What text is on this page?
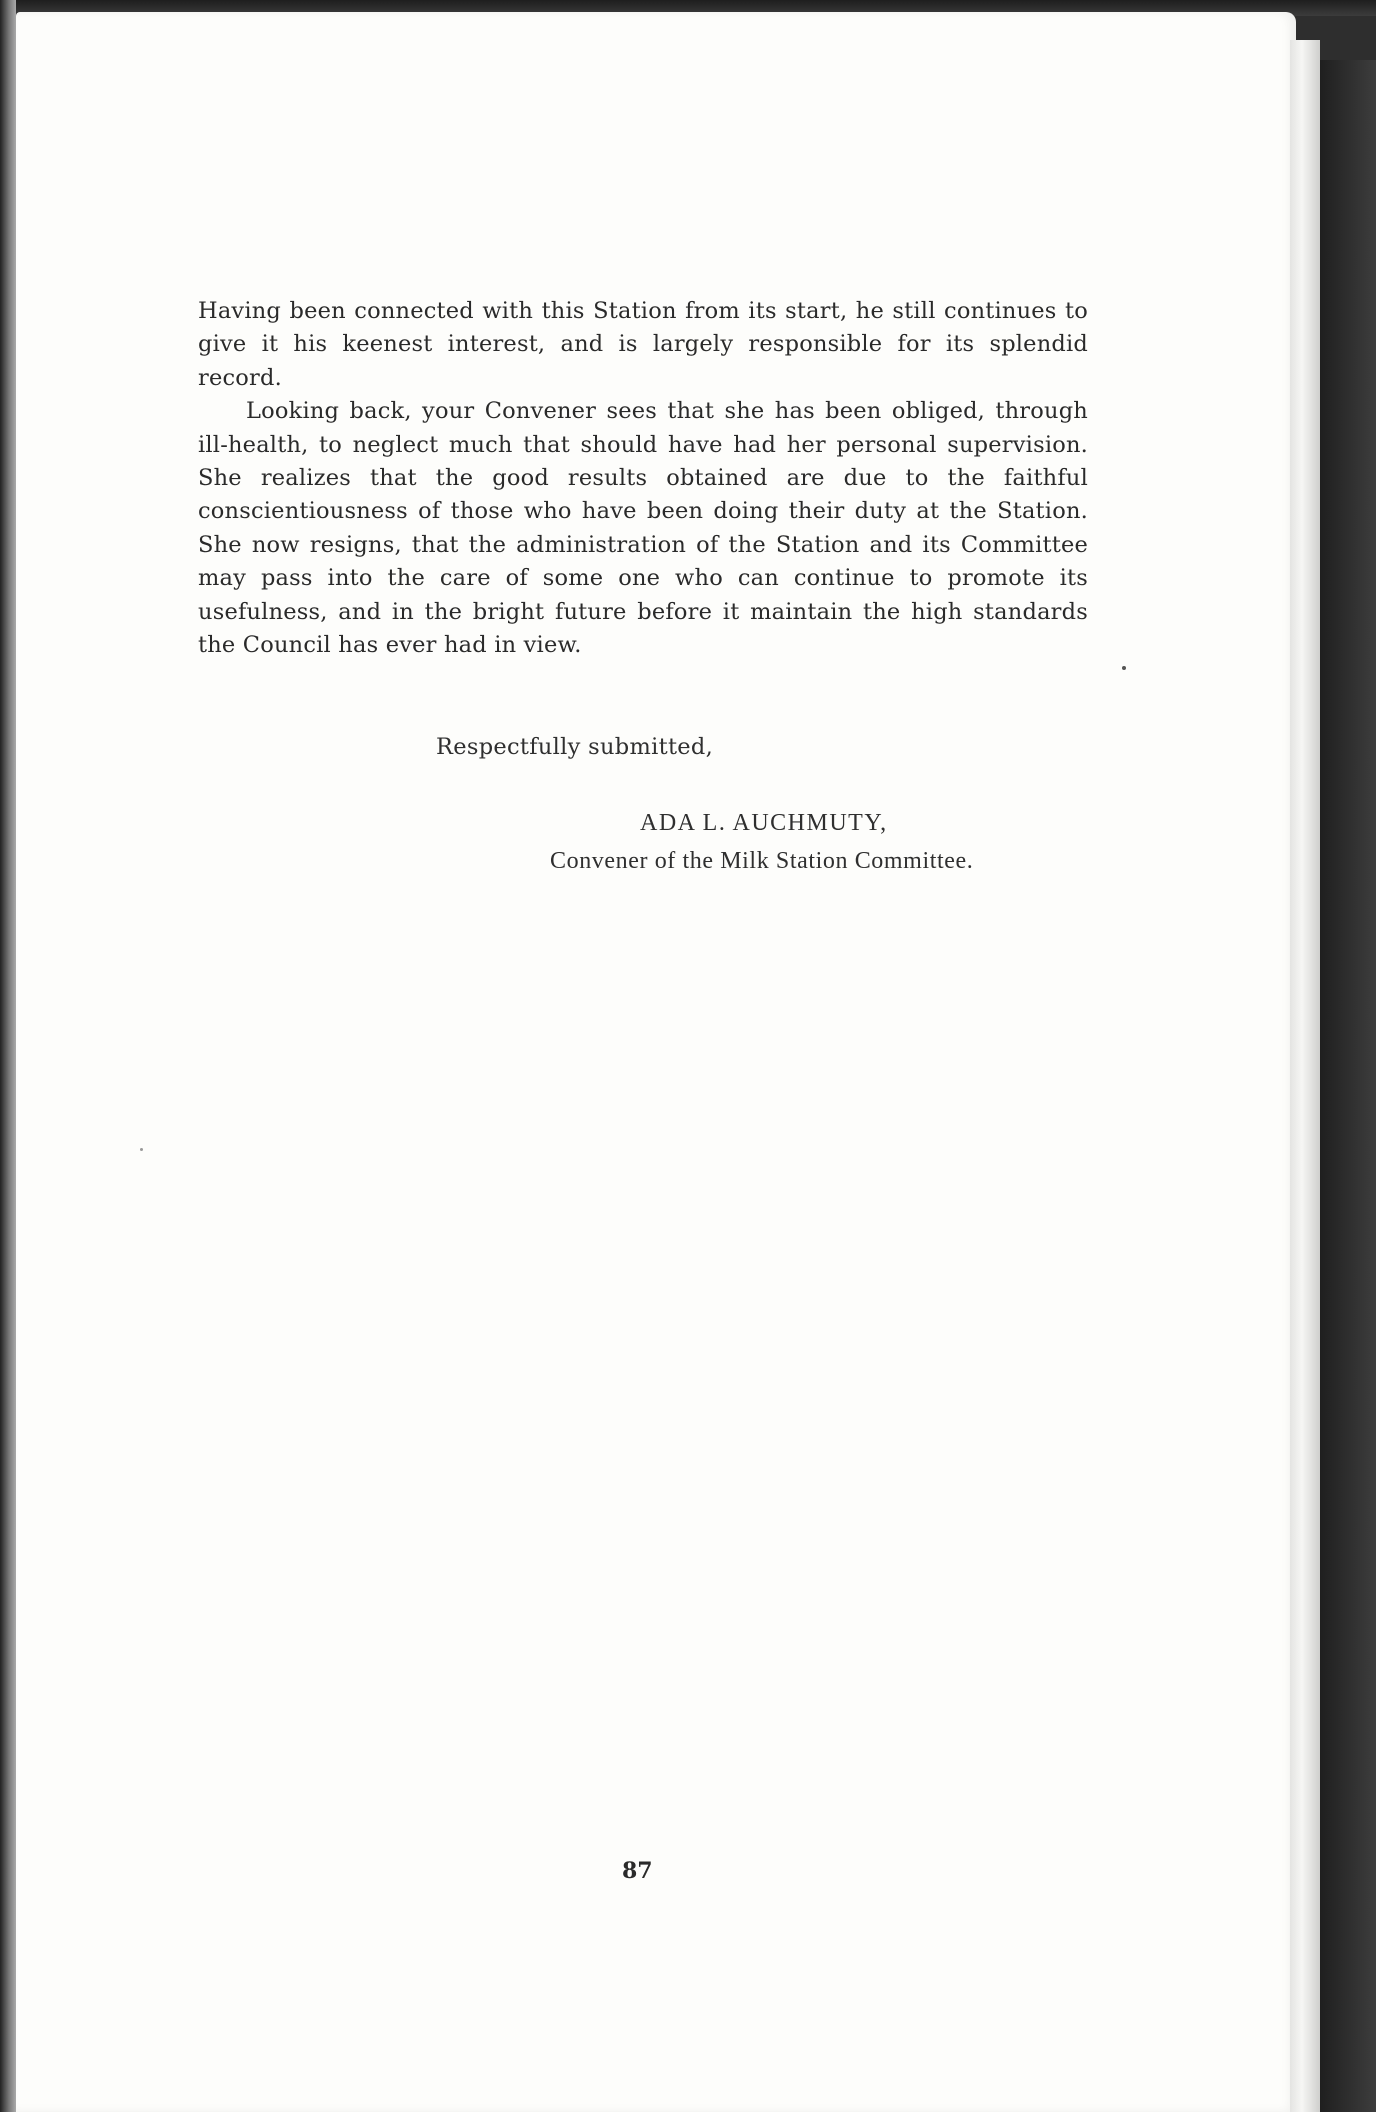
Having been connected with this Station from its start, he still continues to give it his keenest interest, and is largely responsible for its splendid record.

Looking back, your Convener sees that she has been obliged, through ill-health, to neglect much that should have had her personal supervision. She realizes that the good results obtained are due to the faithful conscientiousness of those who have been doing their duty at the Station. She now resigns, that the administration of the Station and its Committee may pass into the care of some one who can continue to promote its usefulness, and in the bright future before it maintain the high standards the Council has ever had in view.

Respectfully submitted,
ADA L. AUCHMUTY,
Convener of the Milk Station Committee.
87
